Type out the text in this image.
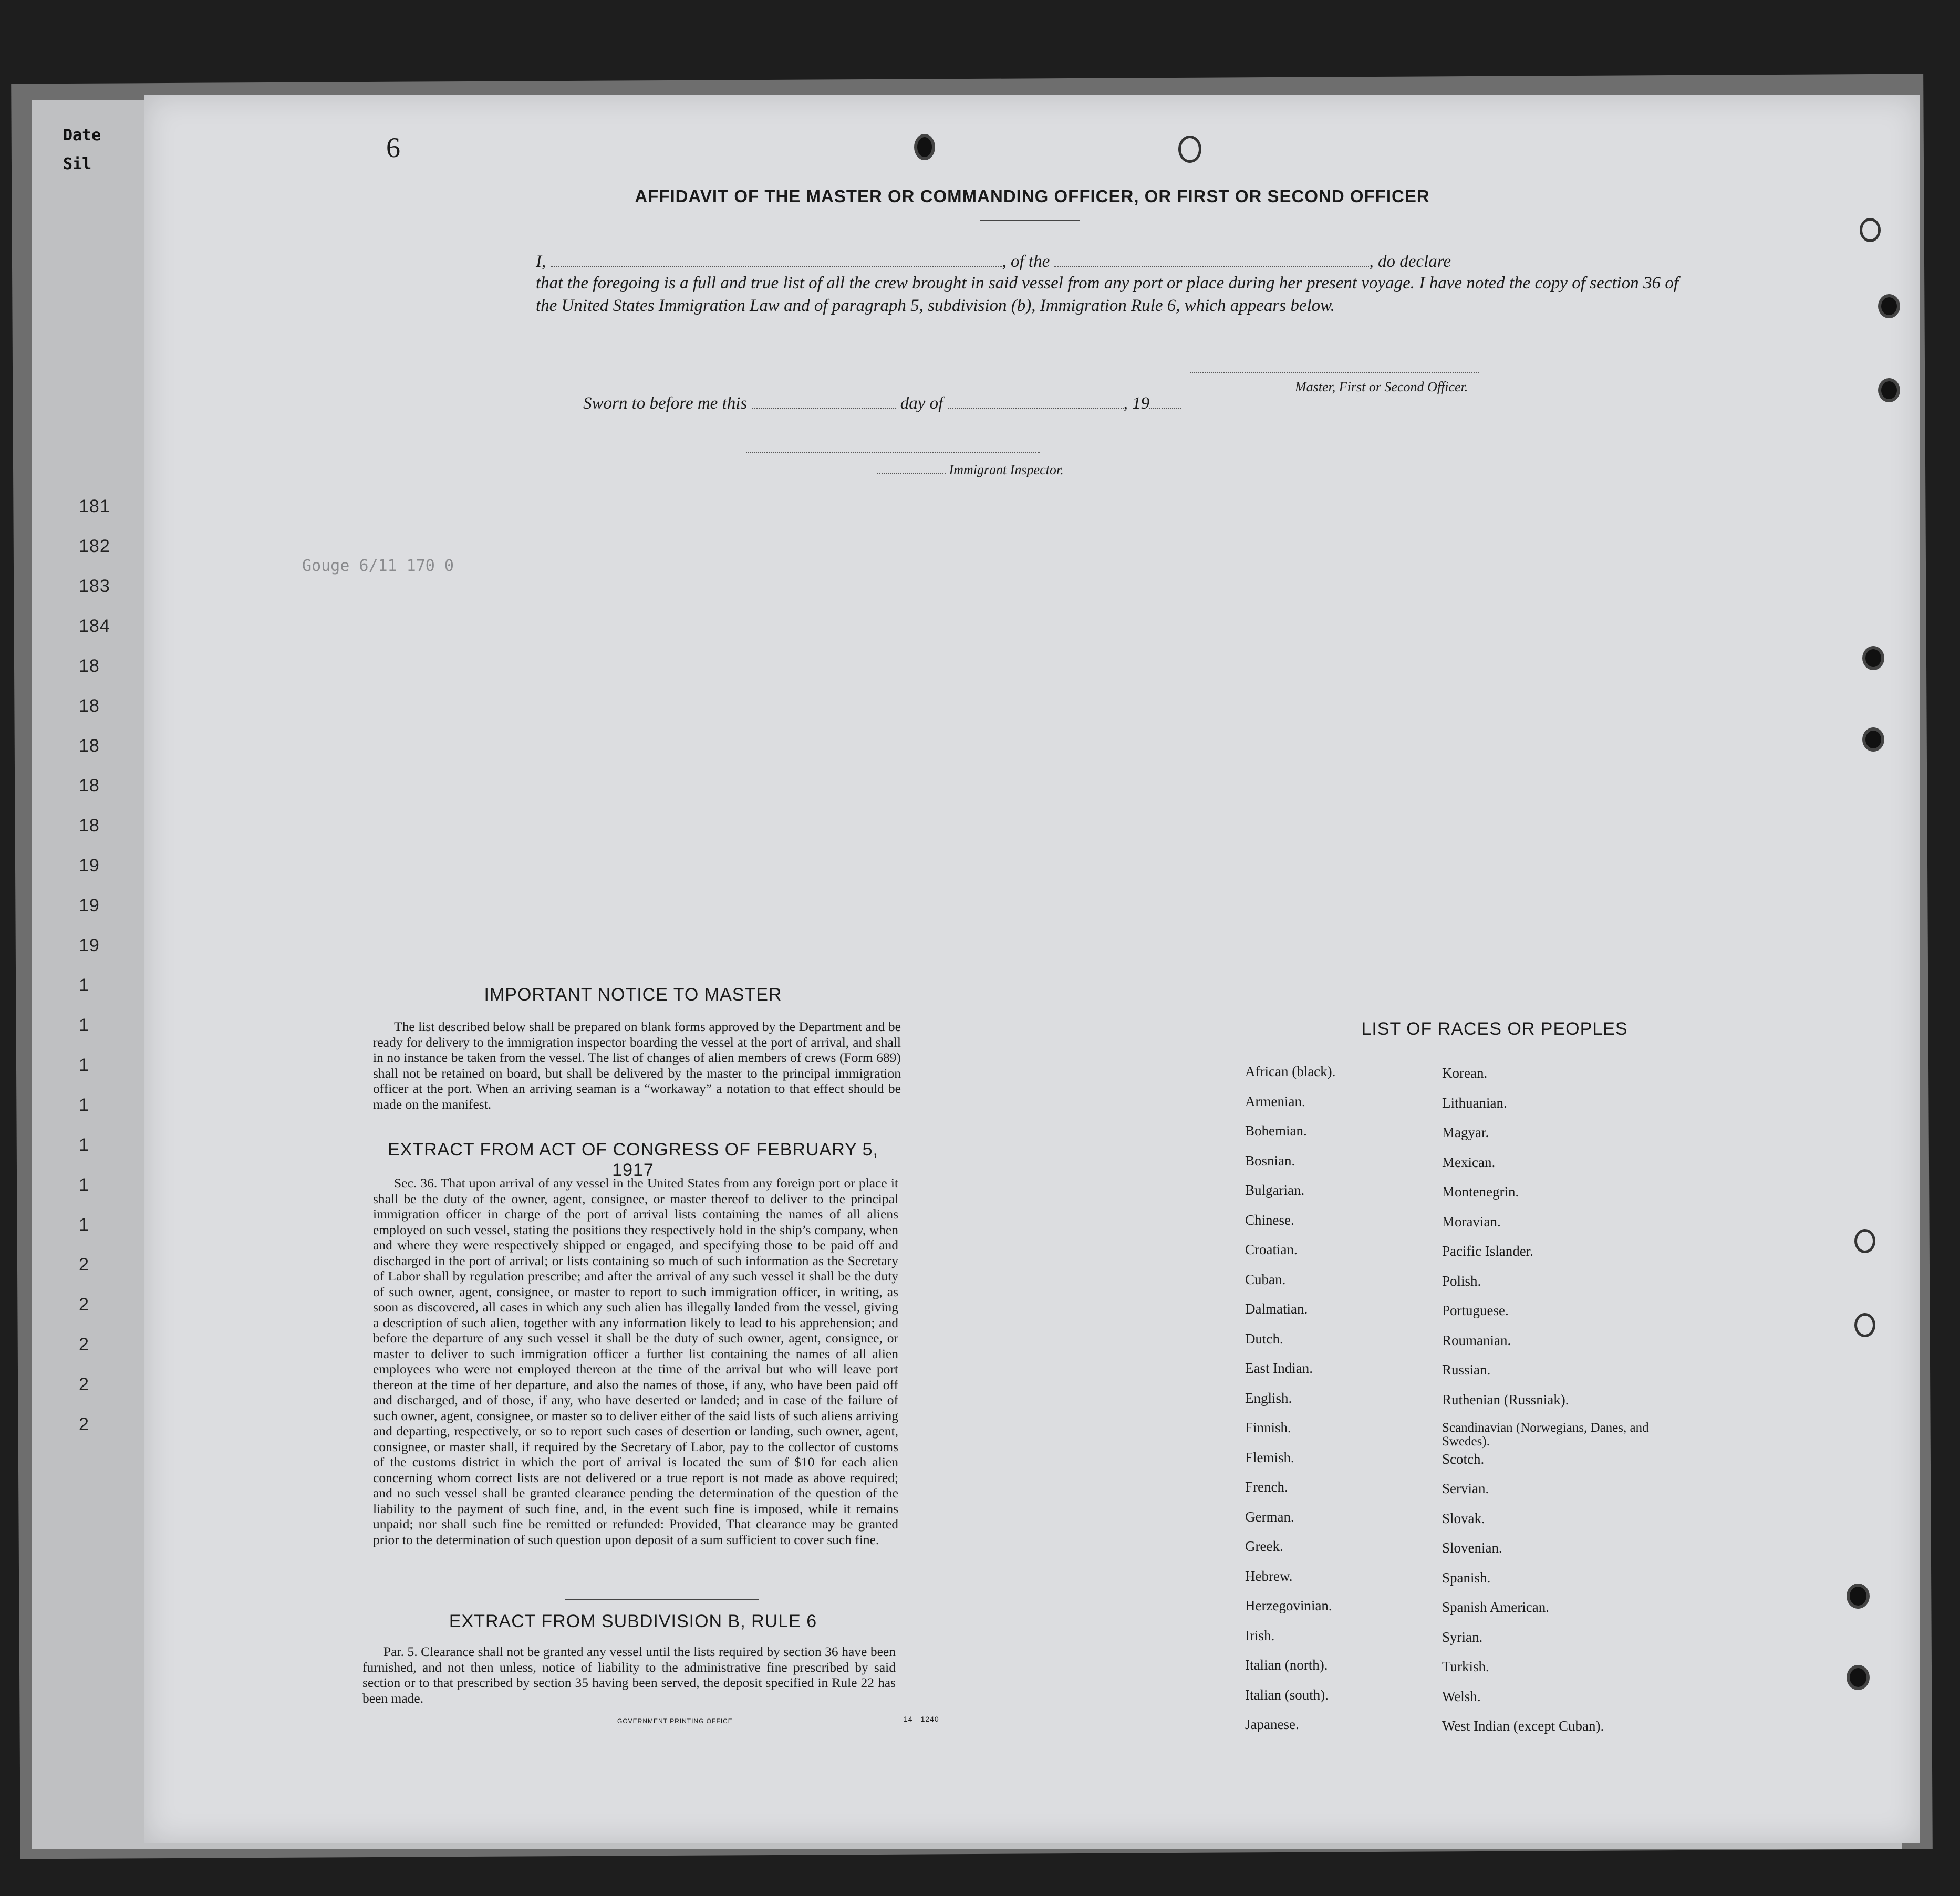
Date
Sil
181
182
183
184
18
18
18
18
18
19
19
19
1
1
1
1
1
1
1
2
2
2
2
2
6
AFFIDAVIT OF THE MASTER OR COMMANDING OFFICER, OR FIRST OR SECOND OFFICER
I,	, of the	, do declare
that the foregoing is a full and true list of all the crew brought in said vessel from any port or place during her present voyage. I have noted the copy of section 36 of the United States Immigration Law and of paragraph 5, subdivision (b), Immigration Rule 6, which appears below.
Master, First or Second Officer.
Sworn to before me this	day of	, 19
Immigrant Inspector.
Gouge 6/11 170 0
IMPORTANT NOTICE TO MASTER
The list described below shall be prepared on blank forms approved by the Department and be ready for delivery to the immigration inspector boarding the vessel at the port of arrival, and shall in no instance be taken from the vessel. The list of changes of alien members of crews (Form 689) shall not be retained on board, but shall be delivered by the master to the principal immigration officer at the port. When an arriving seaman is a “workaway” a notation to that effect should be made on the manifest.
EXTRACT FROM ACT OF CONGRESS OF FEBRUARY 5, 1917
Sec. 36. That upon arrival of any vessel in the United States from any foreign port or place it shall be the duty of the owner, agent, consignee, or master thereof to deliver to the principal immigration officer in charge of the port of arrival lists containing the names of all aliens employed on such vessel, stating the positions they respectively hold in the ship’s company, when and where they were respectively shipped or engaged, and specifying those to be paid off and discharged in the port of arrival; or lists containing so much of such information as the Secretary of Labor shall by regulation prescribe; and after the arrival of any such vessel it shall be the duty of such owner, agent, consignee, or master to report to such immigration officer, in writing, as soon as discovered, all cases in which any such alien has illegally landed from the vessel, giving a description of such alien, together with any information likely to lead to his apprehension; and before the departure of any such vessel it shall be the duty of such owner, agent, consignee, or master to deliver to such immigration officer a further list containing the names of all alien employees who were not employed thereon at the time of the arrival but who will leave port thereon at the time of her departure, and also the names of those, if any, who have been paid off and discharged, and of those, if any, who have deserted or landed; and in case of the failure of such owner, agent, consignee, or master so to deliver either of the said lists of such aliens arriving and departing, respectively, or so to report such cases of desertion or landing, such owner, agent, consignee, or master shall, if required by the Secretary of Labor, pay to the collector of customs of the customs district in which the port of arrival is located the sum of $10 for each alien concerning whom correct lists are not delivered or a true report is not made as above required; and no such vessel shall be granted clearance pending the determination of the question of the liability to the payment of such fine, and, in the event such fine is imposed, while it remains unpaid; nor shall such fine be remitted or refunded: Provided, That clearance may be granted prior to the determination of such question upon deposit of a sum sufficient to cover such fine.
EXTRACT FROM SUBDIVISION B, RULE 6
Par. 5. Clearance shall not be granted any vessel until the lists required by section 36 have been furnished, and not then unless, notice of liability to the administrative fine prescribed by said section or to that prescribed by section 35 having been served, the deposit specified in Rule 22 has been made.
GOVERNMENT PRINTING OFFICE	14—1240
LIST OF RACES OR PEOPLES
African (black).
Armenian.
Bohemian.
Bosnian.
Bulgarian.
Chinese.
Croatian.
Cuban.
Dalmatian.
Dutch.
East Indian.
English.
Finnish.
Flemish.
French.
German.
Greek.
Hebrew.
Herzegovinian.
Irish.
Italian (north).
Italian (south).
Japanese.
Korean.
Lithuanian.
Magyar.
Mexican.
Montenegrin.
Moravian.
Pacific Islander.
Polish.
Portuguese.
Roumanian.
Russian.
Ruthenian (Russniak).
Scandinavian (Norwegians, Danes, and Swedes).
Scotch.
Servian.
Slovak.
Slovenian.
Spanish.
Spanish American.
Syrian.
Turkish.
Welsh.
West Indian (except Cuban).
